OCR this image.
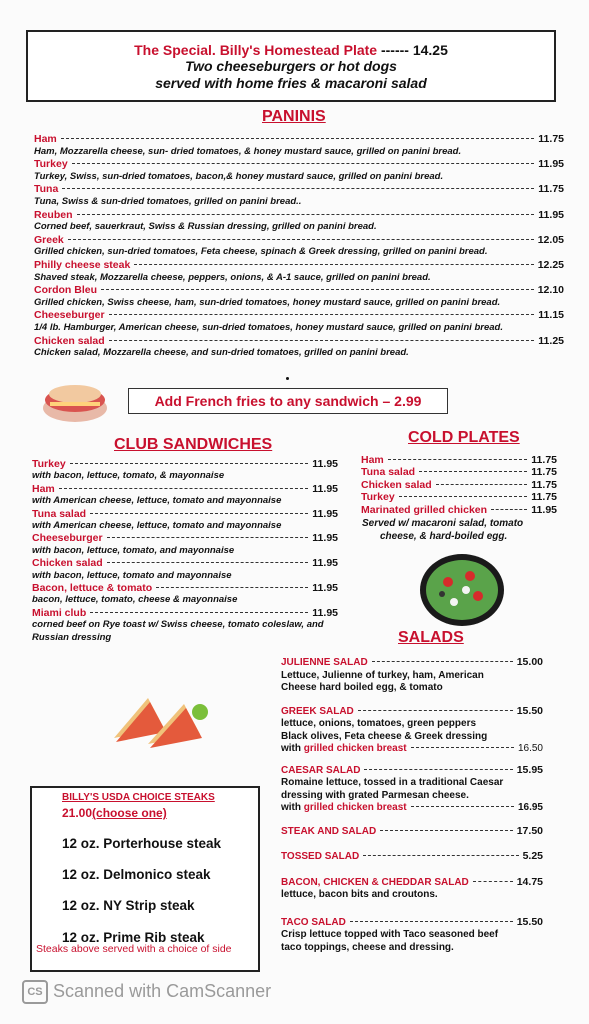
The Special. Billy's Homestead Plate ------ 14.25
Two cheeseburgers or hot dogs
served with home fries & macaroni salad
PANINIS
Ham	11.75
Ham, Mozzarella cheese, sun- dried tomatoes, & honey mustard sauce, grilled on panini bread.
Turkey	11.95
Turkey, Swiss, sun-dried tomatoes, bacon,& honey mustard sauce, grilled on panini bread.
Tuna	11.75
Tuna, Swiss & sun-dried tomatoes, grilled on panini bread..
Reuben	11.95
Corned beef, sauerkraut, Swiss & Russian dressing, grilled on panini bread.
Greek	12.05
Grilled chicken, sun-dried tomatoes, Feta cheese, spinach & Greek dressing, grilled on panini bread.
Philly cheese steak	12.25
Shaved steak, Mozzarella cheese, peppers, onions, & A-1 sauce, grilled on panini bread.
Cordon Bleu	12.10
Grilled chicken, Swiss cheese, ham, sun-dried tomatoes, honey mustard sauce, grilled on panini bread.
Cheeseburger	11.15
1/4 lb. Hamburger, American cheese, sun-dried tomatoes, honey mustard sauce, grilled on panini bread.
Chicken salad	11.25
Chicken salad, Mozzarella cheese, and sun-dried tomatoes, grilled on panini bread.
Add French fries to any sandwich – 2.99
CLUB SANDWICHES
Turkey	11.95
with bacon, lettuce, tomato, & mayonnaise
Ham	11.95
with American cheese, lettuce, tomato and mayonnaise
Tuna salad	11.95
with American cheese, lettuce, tomato and mayonnaise
Cheeseburger	11.95
with bacon, lettuce, tomato, and mayonnaise
Chicken salad	11.95
with bacon, lettuce, tomato and mayonnaise
Bacon, lettuce & tomato	11.95
bacon, lettuce, tomato, cheese & mayonnaise
Miami club	11.95
corned beef on Rye toast w/ Swiss cheese, tomato coleslaw, and Russian dressing
COLD PLATES
Ham	11.75
Tuna salad	11.75
Chicken salad	11.75
Turkey	11.75
Marinated grilled chicken	11.95
Served w/ macaroni salad, tomato
cheese, & hard-boiled egg.
SALADS
JULIENNE SALAD	15.00
Lettuce, Julienne of turkey, ham, American
Cheese hard boiled egg, & tomato
GREEK SALAD	15.50
lettuce, onions, tomatoes, green peppers
Black olives, Feta cheese & Greek dressing
with
grilled chicken breast	16.50
CAESAR SALAD	15.95
Romaine lettuce, tossed in a traditional Caesar
dressing with grated Parmesan cheese.
with
grilled chicken breast	16.95
STEAK AND SALAD	17.50
TOSSED SALAD	5.25
BACON, CHICKEN & CHEDDAR SALAD	14.75
lettuce, bacon bits and croutons.
TACO SALAD	15.50
Crisp lettuce topped with Taco seasoned beef
taco toppings, cheese and dressing.
BILLY'S USDA CHOICE STEAKS
21.00(choose one)
12 oz. Porterhouse steak
12 oz. Delmonico steak
12 oz. NY Strip steak
12 oz. Prime Rib steak
Steaks above served with a choice of side
CS Scanned with CamScanner
